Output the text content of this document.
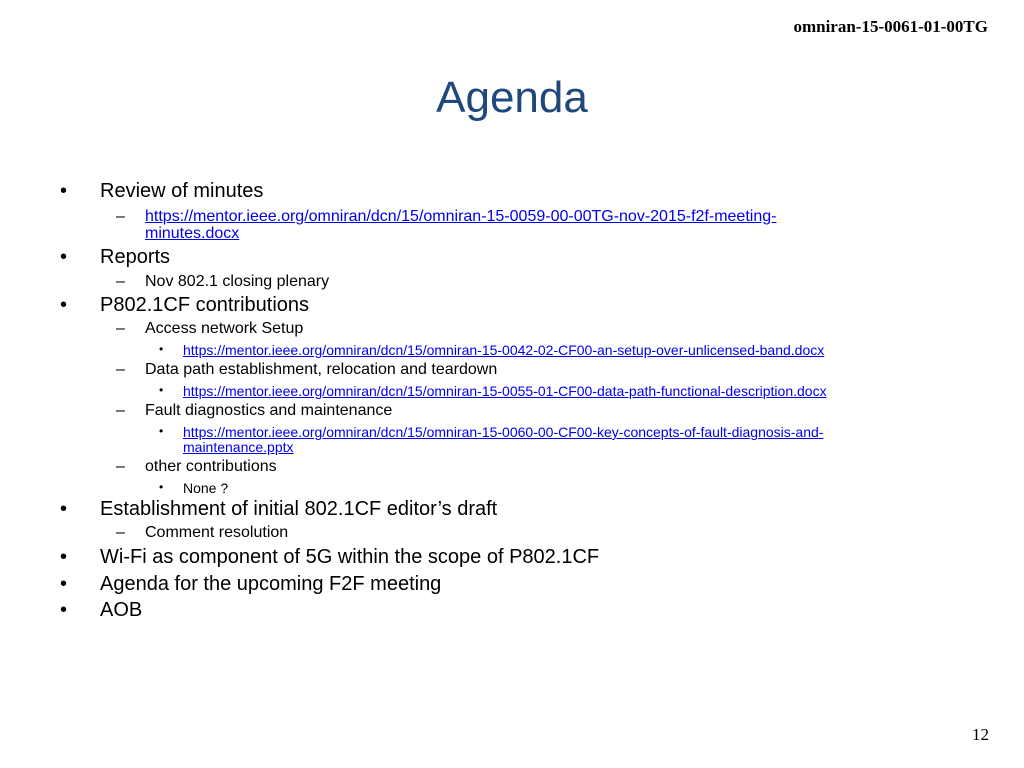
omniran-15-0061-01-00TG
Agenda
• Review of minutes
– https://mentor.ieee.org/omniran/dcn/15/omniran-15-0059-00-00TG-nov-2015-f2f-meeting-
minutes.docx
• Reports
– Nov 802.1 closing plenary
• P802.1CF contributions
– Access network Setup
• https://mentor.ieee.org/omniran/dcn/15/omniran-15-0042-02-CF00-an-setup-over-unlicensed-band.docx
– Data path establishment, relocation and teardown
• https://mentor.ieee.org/omniran/dcn/15/omniran-15-0055-01-CF00-data-path-functional-description.docx
– Fault diagnostics and maintenance
• https://mentor.ieee.org/omniran/dcn/15/omniran-15-0060-00-CF00-key-concepts-of-fault-diagnosis-and-
maintenance.pptx
– other contributions
• None ?
• Establishment of initial 802.1CF editor’s draft
– Comment resolution
• Wi-Fi as component of 5G within the scope of P802.1CF
• Agenda for the upcoming F2F meeting
• AOB
12
